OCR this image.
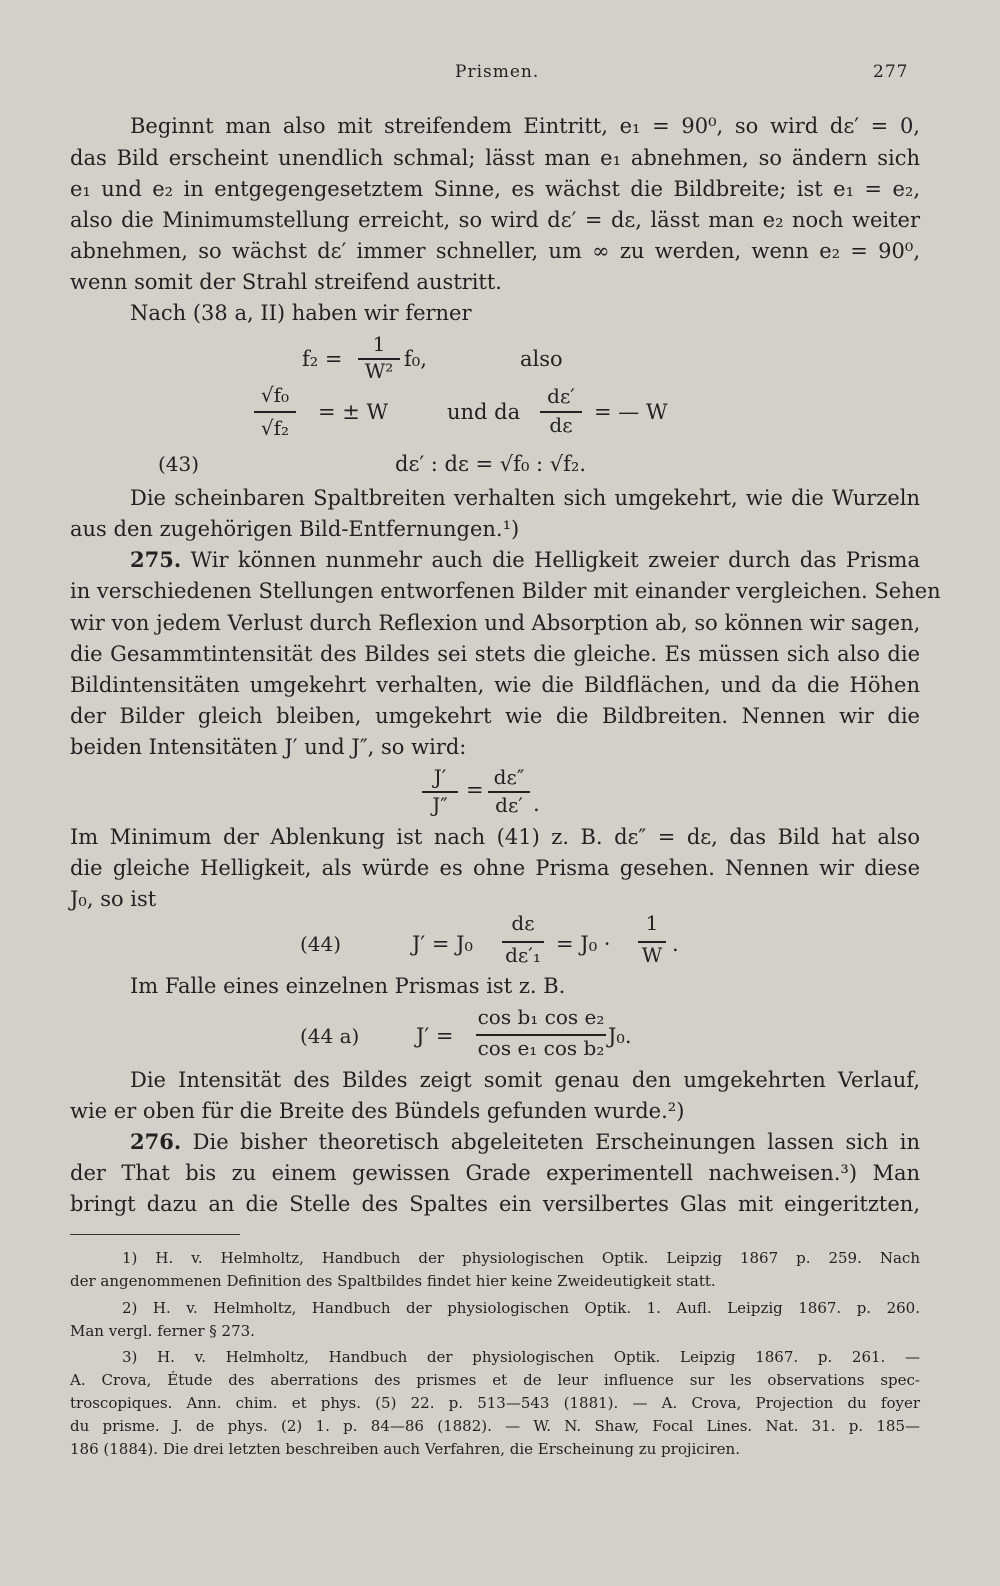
Prismen.	277
Beginnt man also mit streifendem Eintritt, e₁ = 90⁰, so wird dε′ = 0,
das Bild erscheint unendlich schmal; lässt man e₁ abnehmen, so ändern sich
e₁ und e₂ in entgegengesetztem Sinne, es wächst die Bildbreite; ist e₁ = e₂,
also die Minimumstellung erreicht, so wird dε′ = dε, lässt man e₂ noch weiter
abnehmen, so wächst dε′ immer schneller, um ∞ zu werden, wenn e₂ = 90⁰,
wenn somit der Strahl streifend austritt.
Nach (38 a, II) haben wir ferner
f₂ =
1
W² f₀,	also
√f₀
√f₂
= ± W	und da
dε′
dε
= — W
(43)	dε′ : dε = √f₀ : √f₂.
Die scheinbaren Spaltbreiten verhalten sich umgekehrt, wie die Wurzeln
aus den zugehörigen Bild-Entfernungen.¹)
275. Wir können nunmehr auch die Helligkeit zweier durch das Prisma
in verschiedenen Stellungen entworfenen Bilder mit einander vergleichen. Sehen
wir von jedem Verlust durch Reflexion und Absorption ab, so können wir sagen,
die Gesammtintensität des Bildes sei stets die gleiche. Es müssen sich also die
Bildintensitäten umgekehrt verhalten, wie die Bildflächen, und da die Höhen
der Bilder gleich bleiben, umgekehrt wie die Bildbreiten. Nennen wir die
beiden Intensitäten J′ und J″, so wird:
J′
J″
=
dε″
dε′ .
Im Minimum der Ablenkung ist nach (41) z. B. dε″ = dε, das Bild hat also
die gleiche Helligkeit, als würde es ohne Prisma gesehen. Nennen wir diese
J₀, so ist
(44)	J′ = J₀
dε
dε′₁ = J₀ ·
1
W .
Im Falle eines einzelnen Prismas ist z. B.
(44 a)	J′ =
cos b₁ cos e₂
cos e₁ cos b₂ J₀.
Die Intensität des Bildes zeigt somit genau den umgekehrten Verlauf,
wie er oben für die Breite des Bündels gefunden wurde.²)
276. Die bisher theoretisch abgeleiteten Erscheinungen lassen sich in
der That bis zu einem gewissen Grade experimentell nachweisen.³) Man
bringt dazu an die Stelle des Spaltes ein versilbertes Glas mit eingeritzten,
1) H. v. Helmholtz, Handbuch der physiologischen Optik. Leipzig 1867 p. 259. Nach
der angenommenen Definition des Spaltbildes findet hier keine Zweideutigkeit statt.
2) H. v. Helmholtz, Handbuch der physiologischen Optik. 1. Aufl. Leipzig 1867. p. 260.
Man vergl. ferner § 273.
3) H. v. Helmholtz, Handbuch der physiologischen Optik. Leipzig 1867. p. 261. —
A. Crova, Étude des aberrations des prismes et de leur influence sur les observations spec-
troscopiques. Ann. chim. et phys. (5) 22. p. 513—543 (1881). — A. Crova, Projection du foyer
du prisme. J. de phys. (2) 1. p. 84—86 (1882). — W. N. Shaw, Focal Lines. Nat. 31. p. 185—
186 (1884). Die drei letzten beschreiben auch Verfahren, die Erscheinung zu projiciren.
